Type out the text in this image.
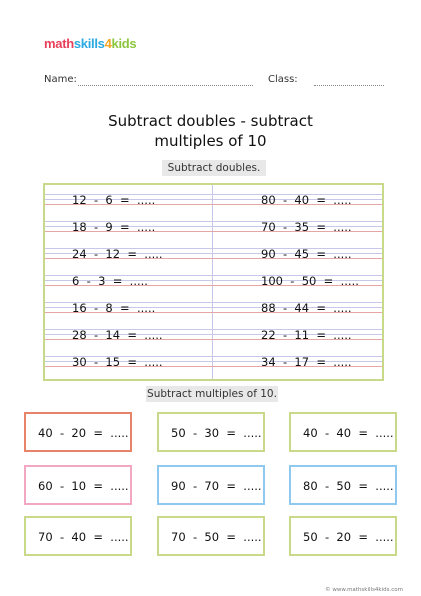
mathskills4kids
Name:	Class:
Subtract doubles - subtract
multiples of 10
Subtract doubles.
12  -  6  =  .....
18  -  9  =  .....
24  -  12  =  .....
6  -  3  =  .....
16  -  8  =  .....
28  -  14  =  .....
30  -  15  =  .....
80  -  40  =  .....
70  -  35  =  .....
90  -  45  =  .....
100  -  50  =  .....
88  -  44  =  .....
22  -  11  =  .....
34  -  17  =  .....
Subtract multiples of 10.
40  -  20  =  .....	50  -  30  =  .....	40  -  40  =  .....
60  -  10  =  .....	90  -  70  =  .....	80  -  50  =  .....
70  -  40  =  .....	70  -  50  =  .....	50  -  20  =  .....
© www.mathskills4kids.com
